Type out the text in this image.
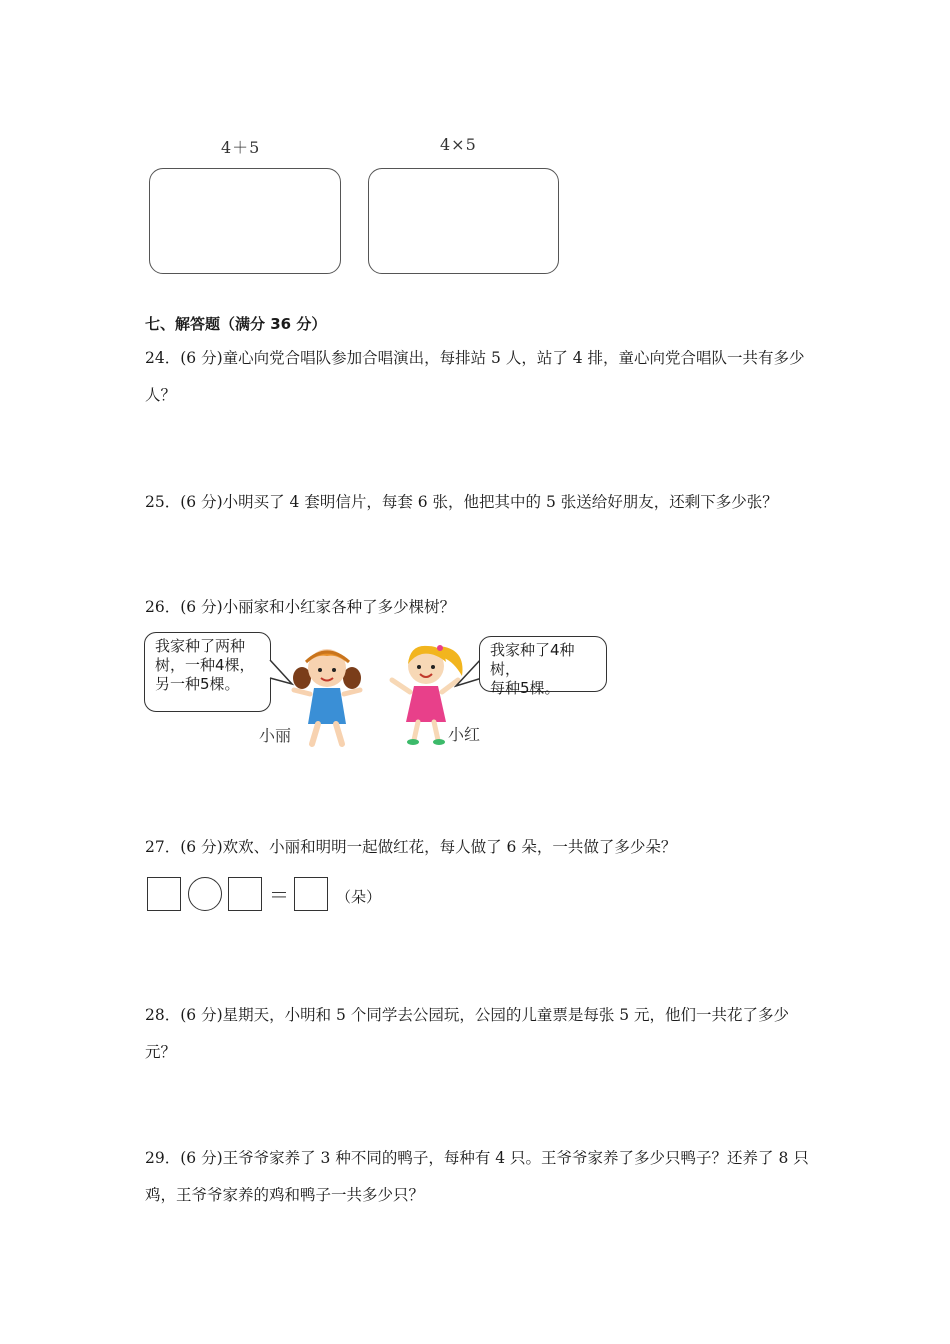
4＋5	4×5
七、解答题（满分 36 分）
24．(6 分)童心向党合唱队参加合唱演出，每排站 5 人，站了 4 排，童心向党合唱队一共有多少人？
25．(6 分)小明买了 4 套明信片，每套 6 张，他把其中的 5 张送给好朋友，还剩下多少张？
26．(6 分)小丽家和小红家各种了多少棵树？
我家种了两种
树，一种4棵，
另一种5棵。
小丽	小红
我家种了4种树，
每种5棵。
27．(6 分)欢欢、小丽和明明一起做红花，每人做了 6 朵，一共做了多少朵？
＝	（朵）
28．(6 分)星期天，小明和 5 个同学去公园玩，公园的儿童票是每张 5 元，他们一共花了多少元？
29．(6 分)王爷爷家养了 3 种不同的鸭子，每种有 4 只。王爷爷家养了多少只鸭子？还养了 8 只鸡，王爷爷家养的鸡和鸭子一共多少只？
